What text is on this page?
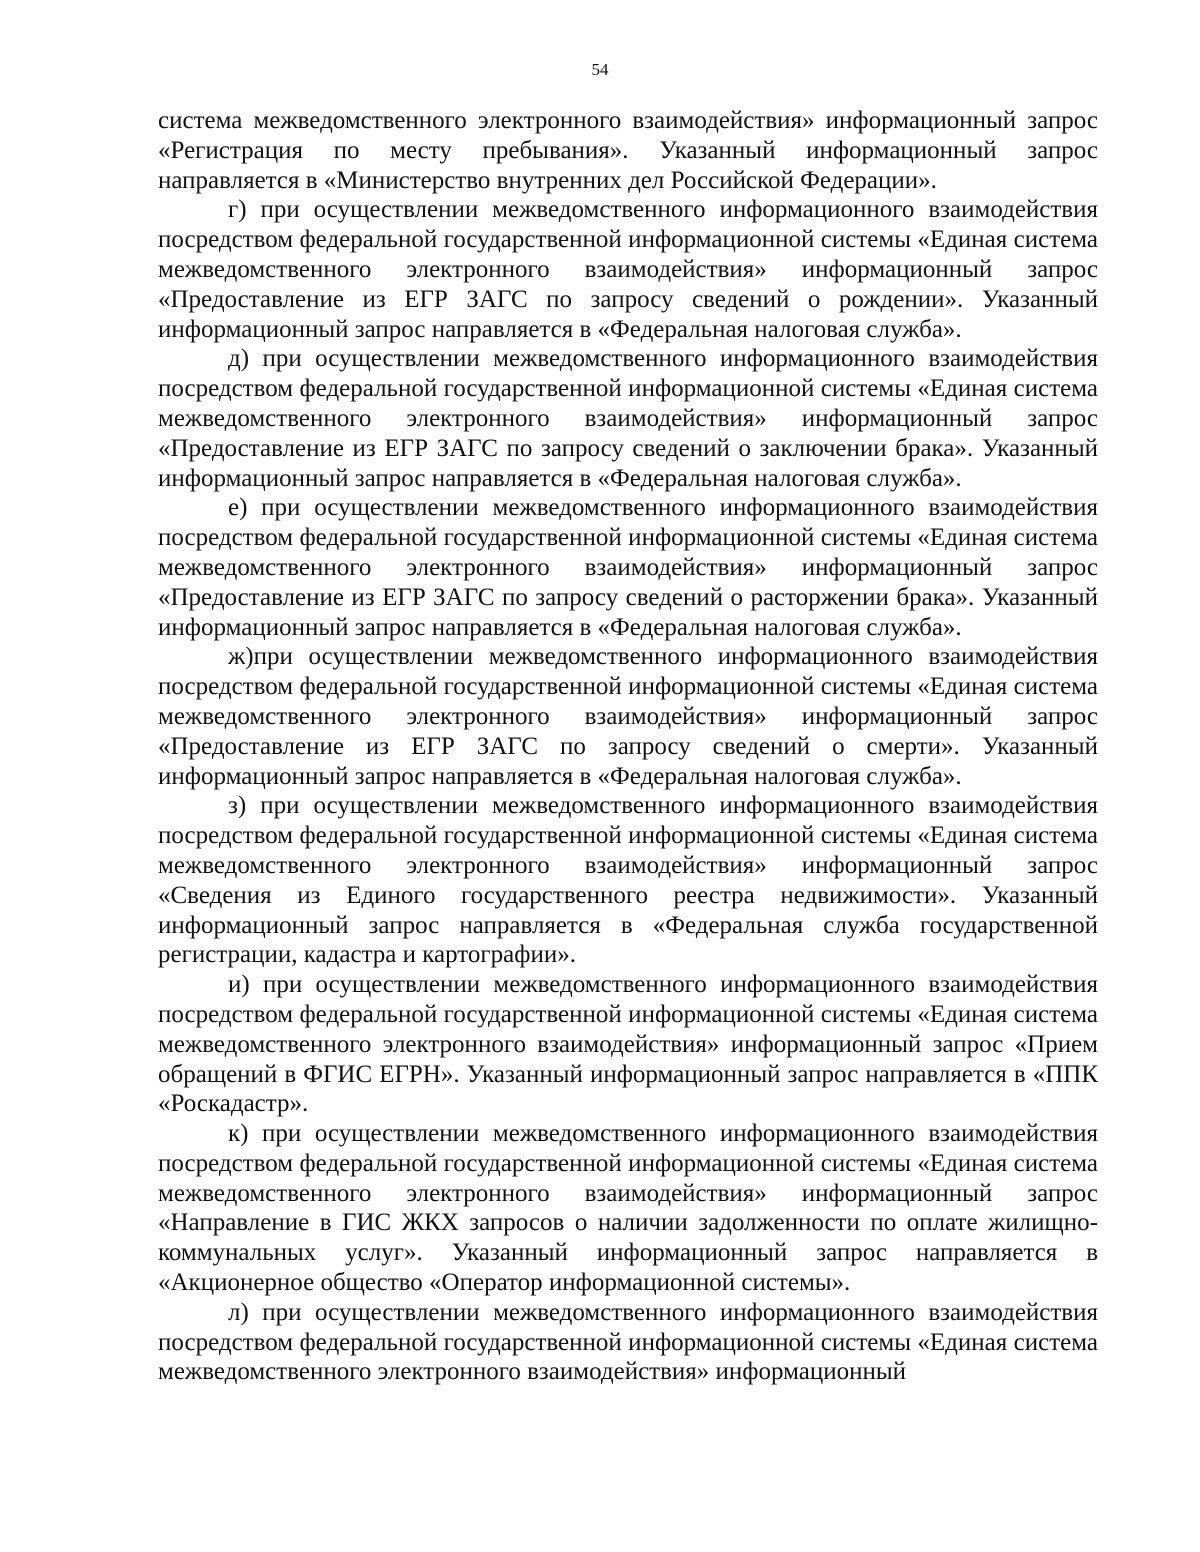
54

система межведомственного электронного взаимодействия» информационный запрос «Регистрация по месту пребывания». Указанный информационный запрос направляется в «Министерство внутренних дел Российской Федерации».

г) при осуществлении межведомственного информационного взаимодействия посредством федеральной государственной информационной системы «Единая система межведомственного электронного взаимодействия» информационный запрос «Предоставление из ЕГР ЗАГС по запросу сведений о рождении». Указанный информационный запрос направляется в «Федеральная налоговая служба».

д) при осуществлении межведомственного информационного взаимодействия посредством федеральной государственной информационной системы «Единая система межведомственного электронного взаимодействия» информационный запрос «Предоставление из ЕГР ЗАГС по запросу сведений о заключении брака». Указанный информационный запрос направляется в «Федеральная налоговая служба».

е) при осуществлении межведомственного информационного взаимодействия посредством федеральной государственной информационной системы «Единая система межведомственного электронного взаимодействия» информационный запрос «Предоставление из ЕГР ЗАГС по запросу сведений о расторжении брака». Указанный информационный запрос направляется в «Федеральная налоговая служба».

ж)при осуществлении межведомственного информационного взаимодействия посредством федеральной государственной информационной системы «Единая система межведомственного электронного взаимодействия» информационный запрос «Предоставление из ЕГР ЗАГС по запросу сведений о смерти». Указанный информационный запрос направляется в «Федеральная налоговая служба».

з) при осуществлении межведомственного информационного взаимодействия посредством федеральной государственной информационной системы «Единая система межведомственного электронного взаимодействия» информационный запрос «Сведения из Единого государственного реестра недвижимости». Указанный информационный запрос направляется в «Федеральная служба государственной регистрации, кадастра и картографии».

и) при осуществлении межведомственного информационного взаимодействия посредством федеральной государственной информационной системы «Единая система межведомственного электронного взаимодействия» информационный запрос «Прием обращений в ФГИС ЕГРН». Указанный информационный запрос направляется в «ППК «Роскадастр».

к) при осуществлении межведомственного информационного взаимодействия посредством федеральной государственной информационной системы «Единая система межведомственного электронного взаимодействия» информационный запрос «Направление в ГИС ЖКХ запросов о наличии задолженности по оплате жилищно-коммунальных услуг». Указанный информационный запрос направляется в «Акционерное общество «Оператор информационной системы».

л) при осуществлении межведомственного информационного взаимодействия посредством федеральной государственной информационной системы «Единая система межведомственного электронного взаимодействия» информационный
